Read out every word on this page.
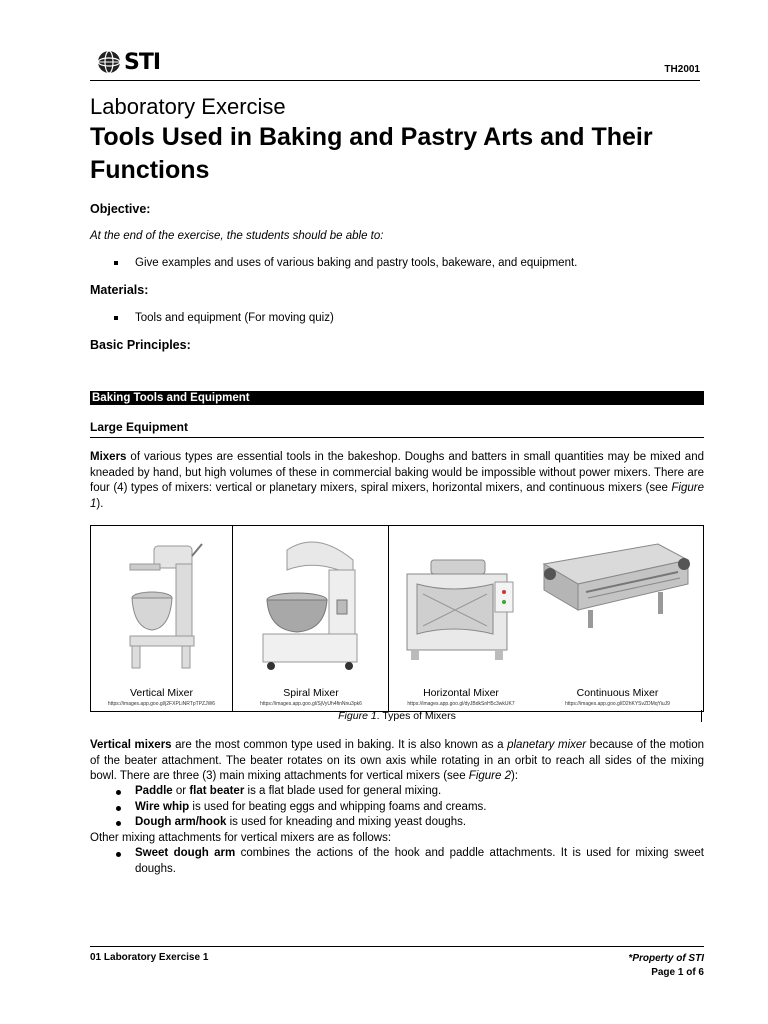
STI	TH2001
Laboratory Exercise
Tools Used in Baking and Pastry Arts and Their Functions
Objective:
At the end of the exercise, the students should be able to:
Give examples and uses of various baking and pastry tools, bakeware, and equipment.
Materials:
Tools and equipment (For moving quiz)
Basic Principles:
Baking Tools and Equipment
Large Equipment
Mixers of various types are essential tools in the bakeshop. Doughs and batters in small quantities may be mixed and kneaded by hand, but high volumes of these in commercial baking would be impossible without power mixers. There are four (4) types of mixers: vertical or planetary mixers, spiral mixers, horizontal mixers, and continuous mixers (see Figure 1).
Vertical Mixer
https://images.app.goo.gl/j2FXPLiNRTpTPZJW6
Spiral Mixer
https://images.app.goo.gl/SjVyUh4finNnu3pk6
Horizontal Mixer
https://images.app.goo.gl/dyJBdkSnH5c3wkUK7
Continuous Mixer
https://images.app.goo.gl/D2hKYSvZDMqYiuJ9
Figure 1. Types of Mixers
Vertical mixers are the most common type used in baking. It is also known as a planetary mixer because of the motion of the beater attachment. The beater rotates on its own axis while rotating in an orbit to reach all sides of the mixing bowl. There are three (3) main mixing attachments for vertical mixers (see Figure 2):
Paddle or flat beater is a flat blade used for general mixing.
Wire whip is used for beating eggs and whipping foams and creams.
Dough arm/hook is used for kneading and mixing yeast doughs.
Other mixing attachments for vertical mixers are as follows:
Sweet dough arm combines the actions of the hook and paddle attachments. It is used for mixing sweet doughs.
01 Laboratory Exercise 1	*Property of STI
Page 1 of 6
